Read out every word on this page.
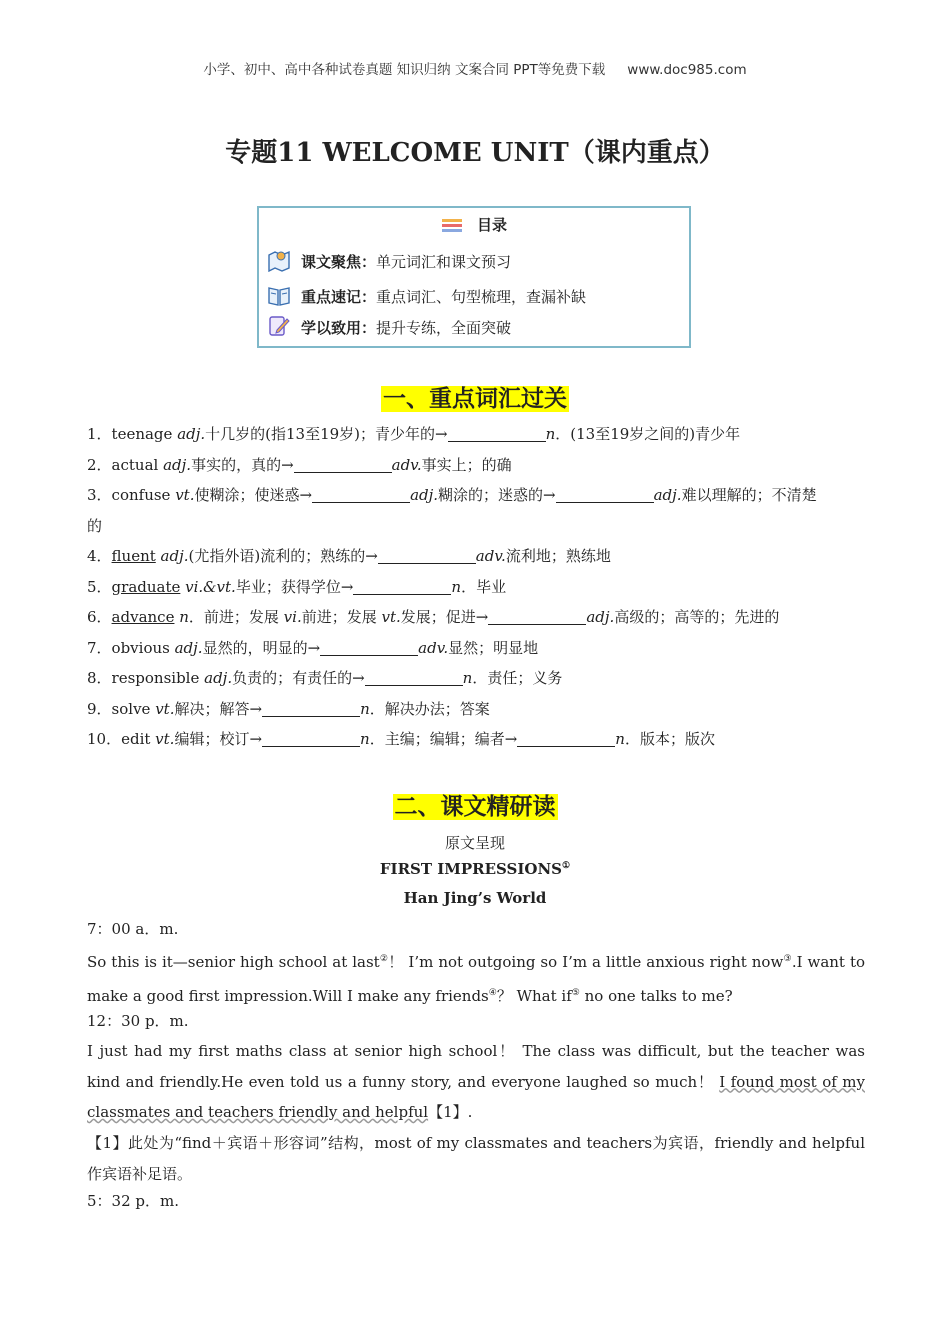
小学、初中、高中各种试卷真题 知识归纳 文案合同 PPT等免费下载 www.doc985.com
专题11 WELCOME UNIT（课内重点）
目录
课文聚焦：单元词汇和课文预习
重点速记：重点词汇、句型梳理，查漏补缺
学以致用：提升专练，全面突破
一、重点词汇过关
1．teenage adj.十几岁的(指13至19岁)；青少年的→	n．(13至19岁之间的)青少年
2．actual adj.事实的，真的→	adv.事实上；的确
3．confuse vt.使糊涂；使迷惑→	adj.糊涂的；迷惑的→	adj.难以理解的；不清楚
的
4．fluent adj.(尤指外语)流利的；熟练的→	adv.流利地；熟练地
5．graduate vi.&vt.毕业；获得学位→	n．毕业
6．advance n．前进；发展 vi.前进；发展 vt.发展；促进→	adj.高级的；高等的；先进的
7．obvious adj.显然的，明显的→	adv.显然；明显地
8．responsible adj.负责的；有责任的→	n．责任；义务
9．solve vt.解决；解答→	n．解决办法；答案
10．edit vt.编辑；校订→	n．主编；编辑；编者→	n．版本；版次
二、课文精研读
原文呈现
FIRST IMPRESSIONS①
Han Jing’s World
7：00 a．m.
So this is it—senior high school at last②！ I’m not outgoing so I’m a little anxious right now③.I want to make a good first impression.Will I make any friends④？ What if⑤ no one talks to me?
12：30 p．m.
I just had my first maths class at senior high school！ The class was difficult, but the teacher was kind and friendly.He even told us a funny story, and everyone laughed so much！ I found most of my classmates and teachers friendly and helpful【1】.
【1】此处为“find＋宾语＋形容词”结构，most of my classmates and teachers为宾语，friendly and helpful作宾语补足语。
5：32 p．m.
